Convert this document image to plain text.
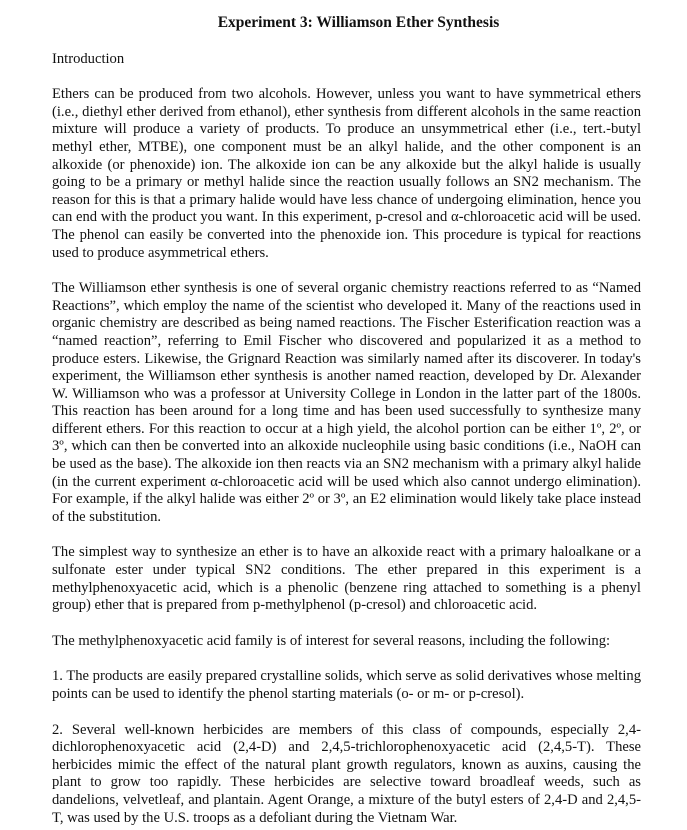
Experiment 3: Williamson Ether Synthesis
Introduction

Ethers can be produced from two alcohols. However, unless you want to have symmetrical ethers (i.e., diethyl ether derived from ethanol), ether synthesis from different alcohols in the same reaction mixture will produce a variety of products. To produce an unsymmetrical ether (i.e., tert.-butyl methyl ether, MTBE), one component must be an alkyl halide, and the other component is an alkoxide (or phenoxide) ion. The alkoxide ion can be any alkoxide but the alkyl halide is usually going to be a primary or methyl halide since the reaction usually follows an SN2 mechanism. The reason for this is that a primary halide would have less chance of undergoing elimination, hence you can end with the product you want. In this experiment, p-cresol and α-chloroacetic acid will be used. The phenol can easily be converted into the phenoxide ion. This procedure is typical for reactions used to produce asymmetrical ethers.

The Williamson ether synthesis is one of several organic chemistry reactions referred to as “Named Reactions”, which employ the name of the scientist who developed it. Many of the reactions used in organic chemistry are described as being named reactions. The Fischer Esterification reaction was a “named reaction”, referring to Emil Fischer who discovered and popularized it as a method to produce esters. Likewise, the Grignard Reaction was similarly named after its discoverer. In today's experiment, the Williamson ether synthesis is another named reaction, developed by Dr. Alexander W. Williamson who was a professor at University College in London in the latter part of the 1800s. This reaction has been around for a long time and has been used successfully to synthesize many different ethers. For this reaction to occur at a high yield, the alcohol portion can be either 1º, 2º, or 3º, which can then be converted into an alkoxide nucleophile using basic conditions (i.e., NaOH can be used as the base). The alkoxide ion then reacts via an SN2 mechanism with a primary alkyl halide (in the current experiment α-chloroacetic acid will be used which also cannot undergo elimination). For example, if the alkyl halide was either 2º or 3º, an E2 elimination would likely take place instead of the substitution.

The simplest way to synthesize an ether is to have an alkoxide react with a primary haloalkane or a sulfonate ester under typical SN2 conditions. The ether prepared in this experiment is a methylphenoxyacetic acid, which is a phenolic (benzene ring attached to something is a phenyl group) ether that is prepared from p-methylphenol (p-cresol) and chloroacetic acid.

The methylphenoxyacetic acid family is of interest for several reasons, including the following:

1. The products are easily prepared crystalline solids, which serve as solid derivatives whose melting points can be used to identify the phenol starting materials (o- or m- or p-cresol).

2. Several well-known herbicides are members of this class of compounds, especially 2,4-dichlorophenoxyacetic acid (2,4-D) and 2,4,5-trichlorophenoxyacetic acid (2,4,5-T). These herbicides mimic the effect of the natural plant growth regulators, known as auxins, causing the plant to grow too rapidly. These herbicides are selective toward broadleaf weeds, such as dandelions, velvetleaf, and plantain. Agent Orange, a mixture of the butyl esters of 2,4-D and 2,4,5-T, was used by the U.S. troops as a defoliant during the Vietnam War.
